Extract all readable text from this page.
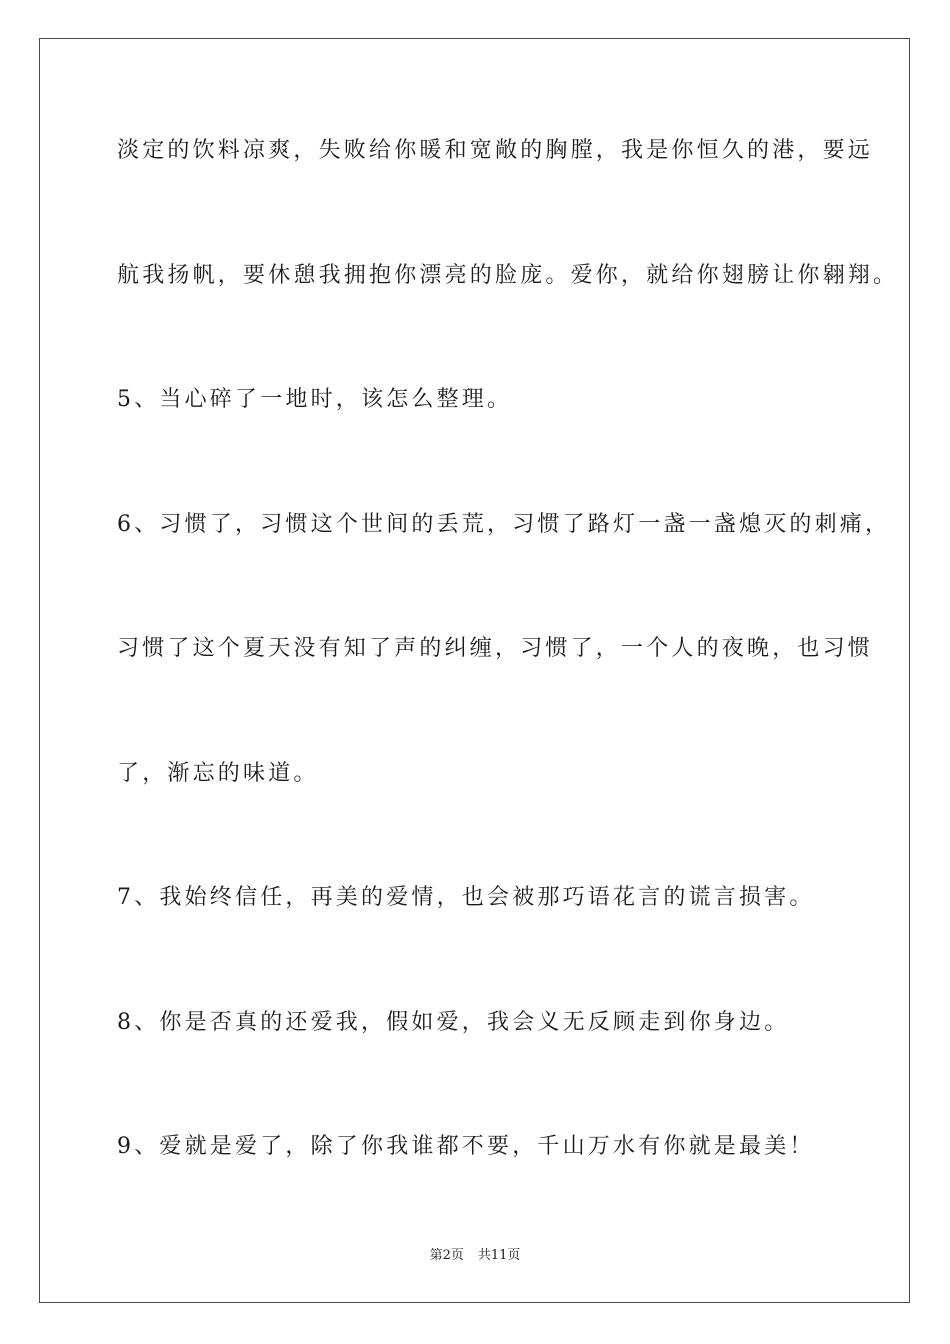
淡定的饮料凉爽，失败给你暖和宽敞的胸膛，我是你恒久的港，要远
航我扬帆，要休憩我拥抱你漂亮的脸庞。爱你，就给你翅膀让你翱翔。
5、当心碎了一地时，该怎么整理。
6、习惯了，习惯这个世间的丢荒，习惯了路灯一盏一盏熄灭的刺痛，
习惯了这个夏天没有知了声的纠缠，习惯了，一个人的夜晚，也习惯
了，渐忘的味道。
7、我始终信任，再美的爱情，也会被那巧语花言的谎言损害。
8、你是否真的还爱我，假如爱，我会义无反顾走到你身边。
9、爱就是爱了，除了你我谁都不要，千山万水有你就是最美！
第2页 共11页
